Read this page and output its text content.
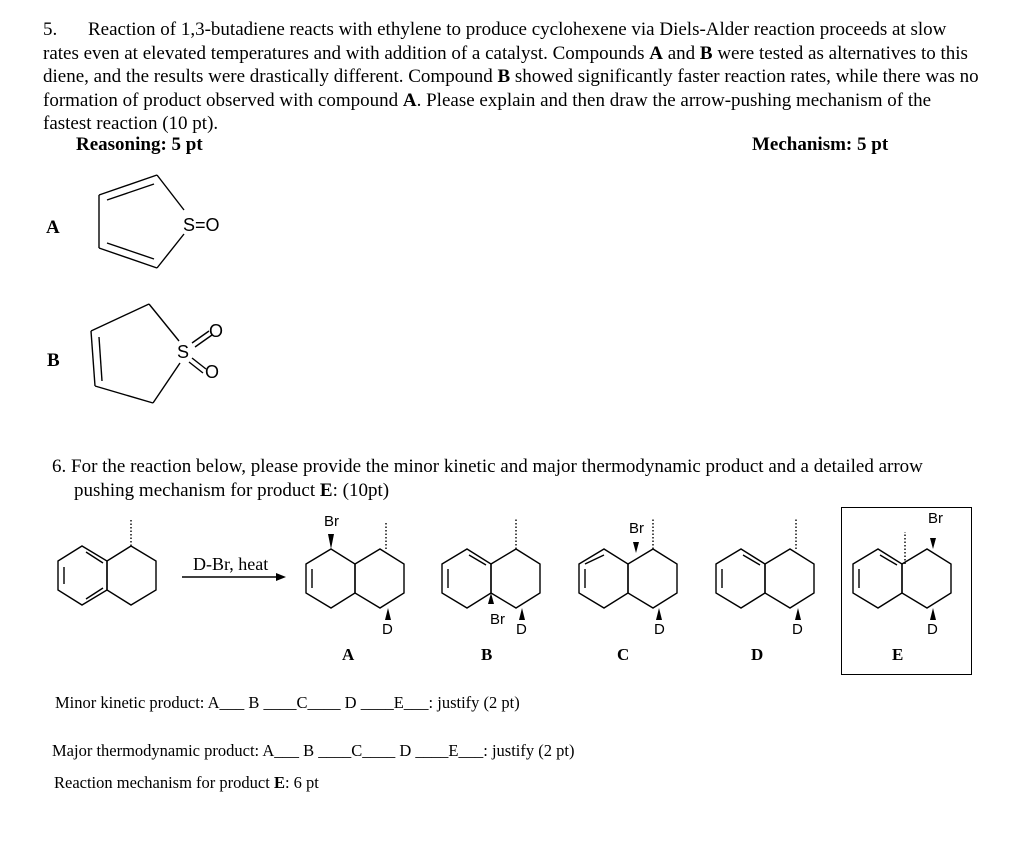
5. Reaction of 1,3-butadiene reacts with ethylene to produce cyclohexene via Diels-Alder reaction proceeds at slow rates even at elevated temperatures and with addition of a catalyst. Compounds A and B were tested as alternatives to this diene, and the results were drastically different. Compound B showed significantly faster reaction rates, while there was no formation of product observed with compound A. Please explain and then draw the arrow-pushing mechanism of the fastest reaction (10 pt).
Reasoning: 5 pt	Mechanism: 5 pt
A	S=O
B	S
O
O
6. For the reaction below, please provide the minor kinetic and major thermodynamic product and a detailed arrow
pushing mechanism for product E: (10pt)
D-Br, heat
Br
D
A
Br
D
B
Br
D
C
D
D
Br
D
E
Minor kinetic product: A___ B ____C____ D ____E___: justify (2 pt)
Major thermodynamic product: A___ B ____C____ D ____E___: justify (2 pt)
Reaction mechanism for product E: 6 pt
